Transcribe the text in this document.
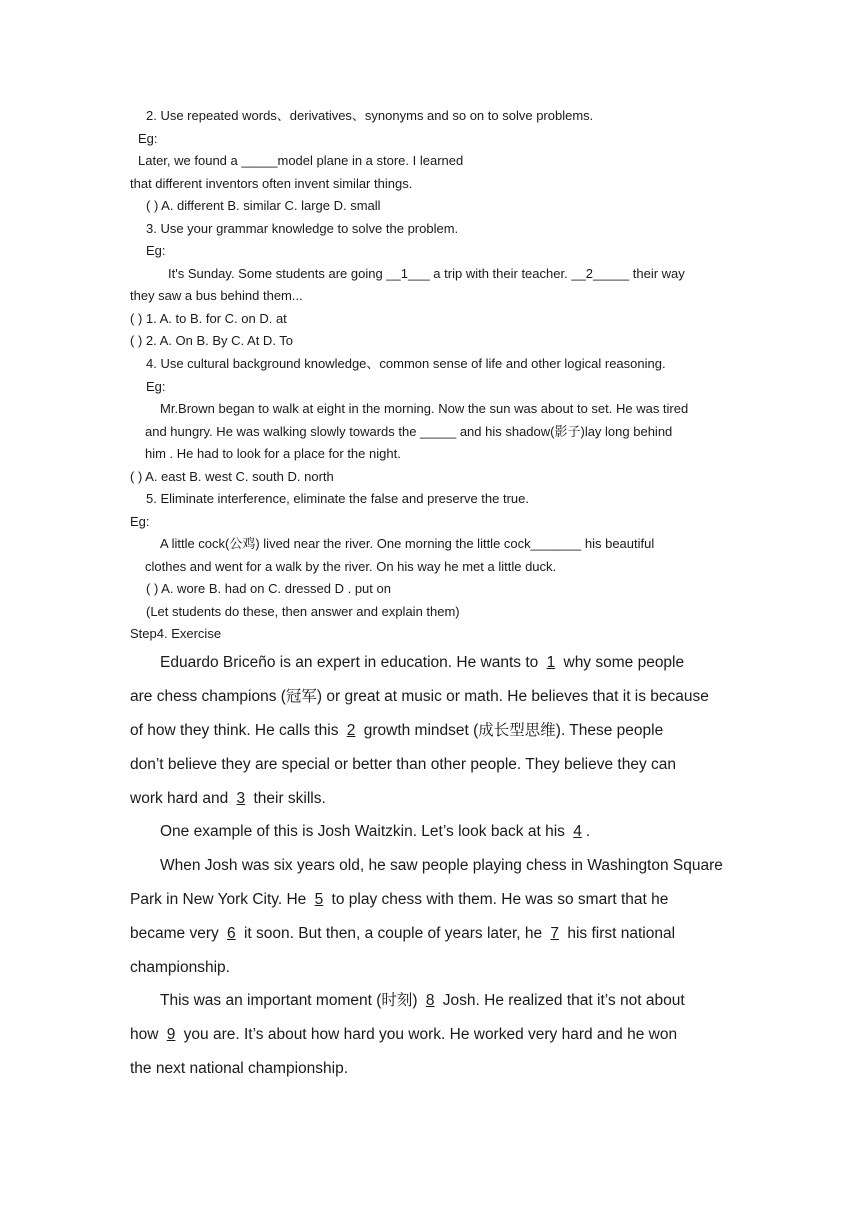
2. Use repeated words、derivatives、synonyms and so on to solve problems.
Eg:
Later, we found a _____model plane in a store. I learned
that different inventors often invent similar things.
( ) A. different B. similar C. large D. small
3. Use your grammar knowledge to solve the problem.
Eg:
It's Sunday. Some students are going __1___ a trip with their teacher. __2_____ their way
they saw a bus behind them...
( ) 1. A. to B. for C. on D. at
( ) 2. A. On B. By C. At D. To
4. Use cultural background knowledge、common sense of life and other logical reasoning.
Eg:
Mr.Brown began to walk at eight in the morning. Now the sun was about to set. He was tired
and hungry. He was walking slowly towards the _____ and his shadow(影子)lay long behind
him . He had to look for a place for the night.
( ) A. east B. west C. south D. north
5. Eliminate interference, eliminate the false and preserve the true.
Eg:
A little cock(公鸡) lived near the river. One morning the little cock_______ his beautiful
clothes and went for a walk by the river. On his way he met a little duck.
( ) A. wore B. had on C. dressed D . put on
(Let students do these, then answer and explain them)
Step4. Exercise
Eduardo Briceño is an expert in education. He wants to 1 why some people
are chess champions (冠军) or great at music or math. He believes that it is because
of how they think. He calls this 2 growth mindset (成长型思维). These people
don’t believe they are special or better than other people. They believe they can
work hard and 3 their skills.
One example of this is Josh Waitzkin. Let’s look back at his 4 .
When Josh was six years old, he saw people playing chess in Washington Square
Park in New York City. He 5 to play chess with them. He was so smart that he
became very 6 it soon. But then, a couple of years later, he 7 his first national
championship.
This was an important moment (时刻) 8 Josh. He realized that it’s not about
how 9 you are. It’s about how hard you work. He worked very hard and he won
the next national championship.
